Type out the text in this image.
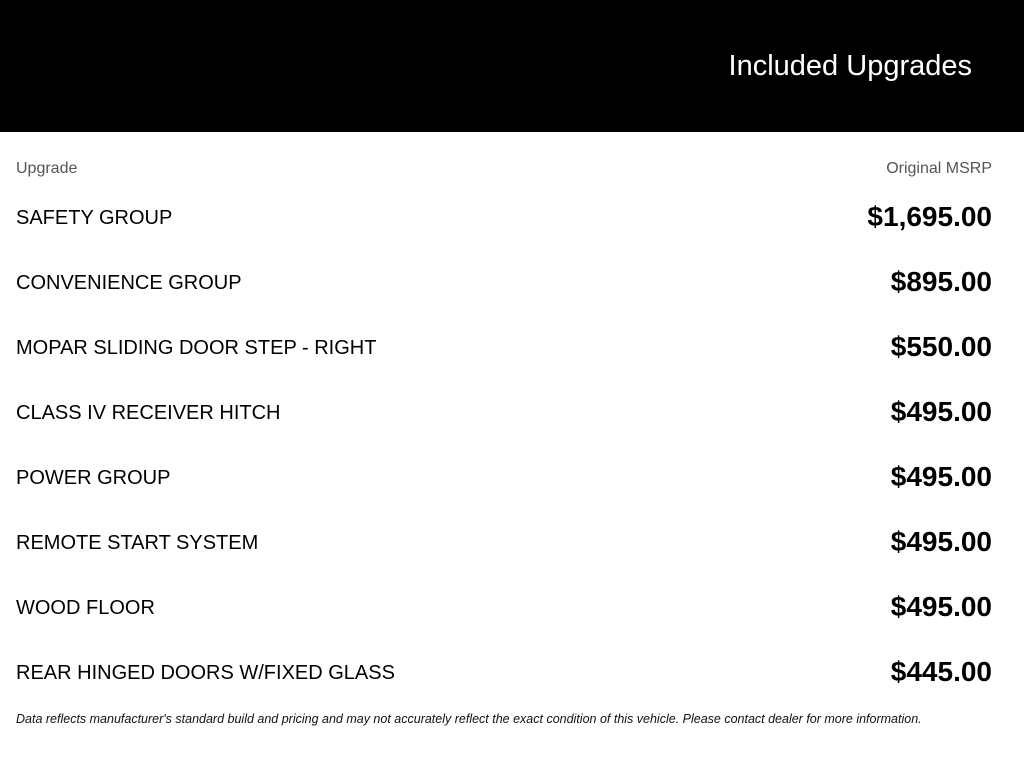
Included Upgrades
Upgrade	Original MSRP
SAFETY GROUP	$1,695.00
CONVENIENCE GROUP	$895.00
MOPAR SLIDING DOOR STEP - RIGHT	$550.00
CLASS IV RECEIVER HITCH	$495.00
POWER GROUP	$495.00
REMOTE START SYSTEM	$495.00
WOOD FLOOR	$495.00
REAR HINGED DOORS W/FIXED GLASS	$445.00
Data reflects manufacturer's standard build and pricing and may not accurately reflect the exact condition of this vehicle. Please contact dealer for more information.
